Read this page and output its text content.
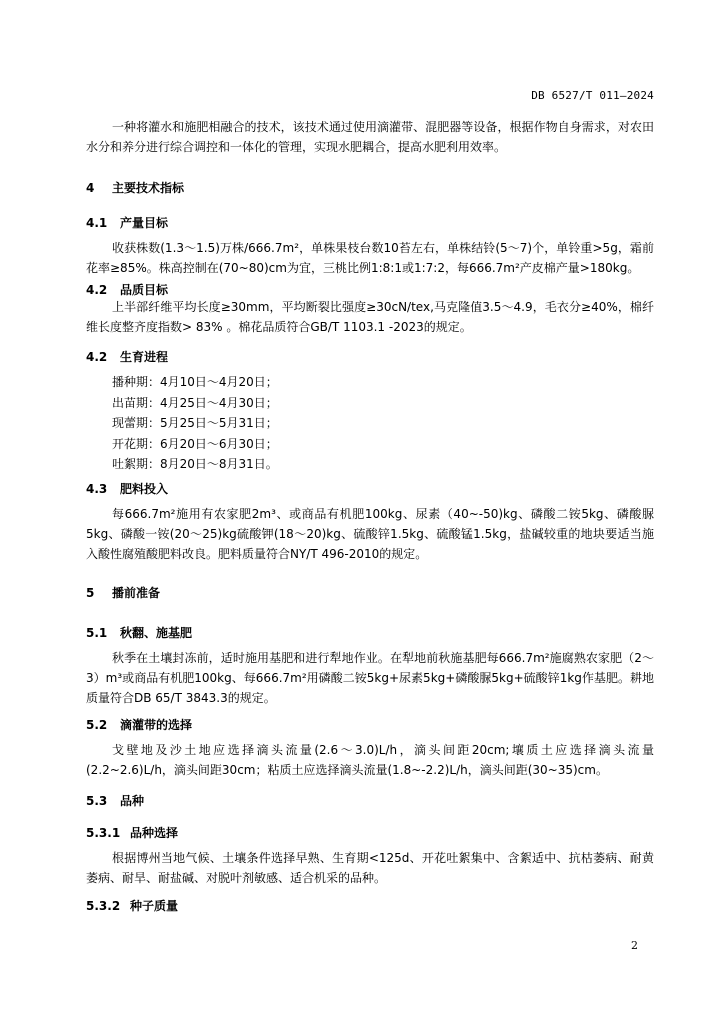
DB 6527/T 011—2024

一种将灌水和施肥相融合的技术，该技术通过使用滴灌带、混肥器等设备，根据作物自身需求，对农田水分和养分进行综合调控和一体化的管理，实现水肥耦合，提高水肥利用效率。

4 主要技术指标
4.1 产量目标

收获株数(1.3～1.5)万株/666.7m²，单株果枝台数10苔左右，单株结铃(5～7)个，单铃重>5g，霜前花率≥85%。株高控制在(70~80)cm为宜，三桃比例1:8:1或1:7:2，每666.7m²产皮棉产量>180kg。

4.2 品质目标

上半部纤维平均长度≥30mm，平均断裂比强度≥30cN/tex,马克隆值3.5～4.9，毛衣分≥40%，棉纤维长度整齐度指数> 83% 。棉花品质符合GB/T 1103.1 -2023的规定。

4.2 生育进程
播种期：4月10日～4月20日；
出苗期：4月25日～4月30日；
现蕾期：5月25日～5月31日；
开花期：6月20日～6月30日；
吐絮期：8月20日～8月31日。
4.3 肥料投入

每666.7m²施用有农家肥2m³、或商品有机肥100kg、尿素（40~-50)kg、磷酸二铵5kg、磷酸脲5kg、磷酸一铵(20～25)kg硫酸钾(18～20)kg、硫酸锌1.5kg、硫酸锰1.5kg，盐碱较重的地块要适当施入酸性腐殖酸肥料改良。肥料质量符合NY/T 496-2010的规定。

5 播前准备
5.1 秋翻、施基肥

秋季在土壤封冻前，适时施用基肥和进行犁地作业。在犁地前秋施基肥每666.7m²施腐熟农家肥（2～3）m³或商品有机肥100kg、每666.7m²用磷酸二铵5kg+尿素5kg+磷酸脲5kg+硫酸锌1kg作基肥。耕地质量符合DB 65/T 3843.3的规定。

5.2 滴灌带的选择

戈壁地及沙土地应选择滴头流量(2.6～3.0)L/h，滴头间距20cm;壤质土应选择滴头流量(2.2~2.6)L/h，滴头间距30cm；粘质土应选择滴头流量(1.8~-2.2)L/h，滴头间距(30~35)cm。

5.3 品种
5.3.1 品种选择

根据博州当地气候、土壤条件选择早熟、生育期<125d、开花吐絮集中、含絮适中、抗枯萎病、耐黄萎病、耐旱、耐盐碱、对脱叶剂敏感、适合机采的品种。

5.3.2 种子质量
2
